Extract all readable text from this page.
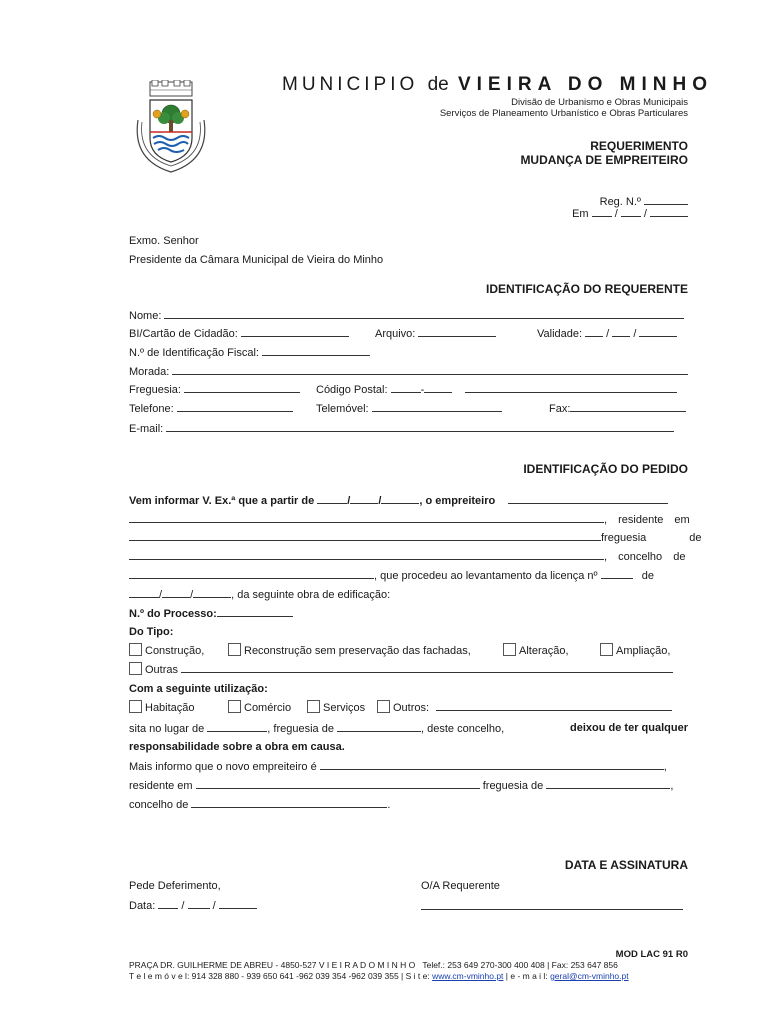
MUNICIPIO de VIEIRA DO MINHO
Divisão de Urbanismo e Obras Municipais
Serviços de Planeamento Urbanístico e Obras Particulares
REQUERIMENTO
MUDANÇA DE EMPREITEIRO
Reg. N.º
Em  /  /
Exmo. Senhor
Presidente da Câmara Municipal de Vieira do Minho
IDENTIFICAÇÃO DO REQUERENTE
Nome:
BI/Cartão de Cidadão:	Arquivo:	Validade:  /  /
N.º de Identificação Fiscal:
Morada:
Freguesia:	Código Postal:	-
Telefone:	Telemóvel:	Fax:
E-mail:
IDENTIFICAÇÃO DO PEDIDO
Vem informar V. Ex.ª que a partir de	/	/	, o empreiteiro
, residente em
freguesia de
, concelho de
, que procedeu ao levantamento da licença nº	de
/	/	, da seguinte obra de edificação:
N.º do Processo:
Do Tipo:
Construção,	Reconstrução sem preservação das fachadas,	Alteração,	Ampliação,
Outras
Com a seguinte utilização:
Habitação	Comércio	Serviços	Outros:
sita no lugar de	, freguesia de	, deste concelho,	deixou de ter qualquer
responsabilidade sobre a obra em causa.
Mais informo que o novo empreiteiro é	,
residente em	freguesia de	,
concelho de	.
DATA E ASSINATURA
Pede Deferimento,	O/A Requerente
Data:  /  /
MOD LAC 91 R0
PRAÇA DR. GUILHERME DE ABREU - 4850-527 V I E I R A D O M I N H O Telef.: 253 649 270-300 400 408 | Fax: 253 647 856
T e l e m ó v e l: 914 328 880 - 939 650 641 -962 039 354 -962 039 355 | S i t e: www.cm-vminho.pt | e - m a i l: geral@cm-vminho.pt
